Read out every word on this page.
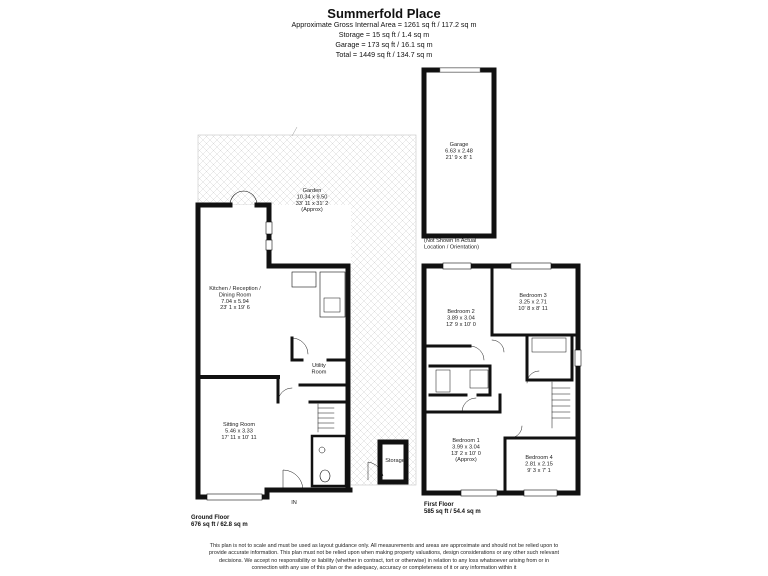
Summerfold Place
Approximate Gross Internal Area = 1261 sq ft / 117.2 sq m
Storage = 15 sq ft / 1.4 sq m
Garage = 173 sq ft / 16.1 sq m
Total = 1449 sq ft / 134.7 sq m
Garden 10.34 x 9.50 33' 11 x 31' 2 (Approx)
Garage 6.63 x 2.48 21' 9 x 8' 1
(Not Shown In Actual Location / Orientation)
Kitchen / Reception / Dining Room 7.04 x 5.94 23' 1 x 19' 6
Utility Room
Sitting Room 5.46 x 3.33 17' 11 x 10' 11
Storage
Bedroom 2 3.89 x 3.04 12' 9 x 10' 0
Bedroom 3 3.25 x 2.71 10' 8 x 8' 11
Bedroom 1 3.99 x 3.04 13' 2 x 10' 0 (Approx)	Bedroom 4 2.81 x 2.15 9' 3 x 7' 1
IN
Ground Floor 676 sq ft / 62.8 sq m
First Floor 585 sq ft / 54.4 sq m
This plan is not to scale and must be used as layout guidance only. All measurements and areas are approximate and should not be relied upon to
provide accurate information. This plan must not be relied upon when making property valuations, design considerations or any other such relevant
decisions. We accept no responsibility or liability (whether in contract, tort or otherwise) in relation to any loss whatsoever arising from or in
connection with any use of this plan or the adequacy, accuracy or completeness of it or any information within it
